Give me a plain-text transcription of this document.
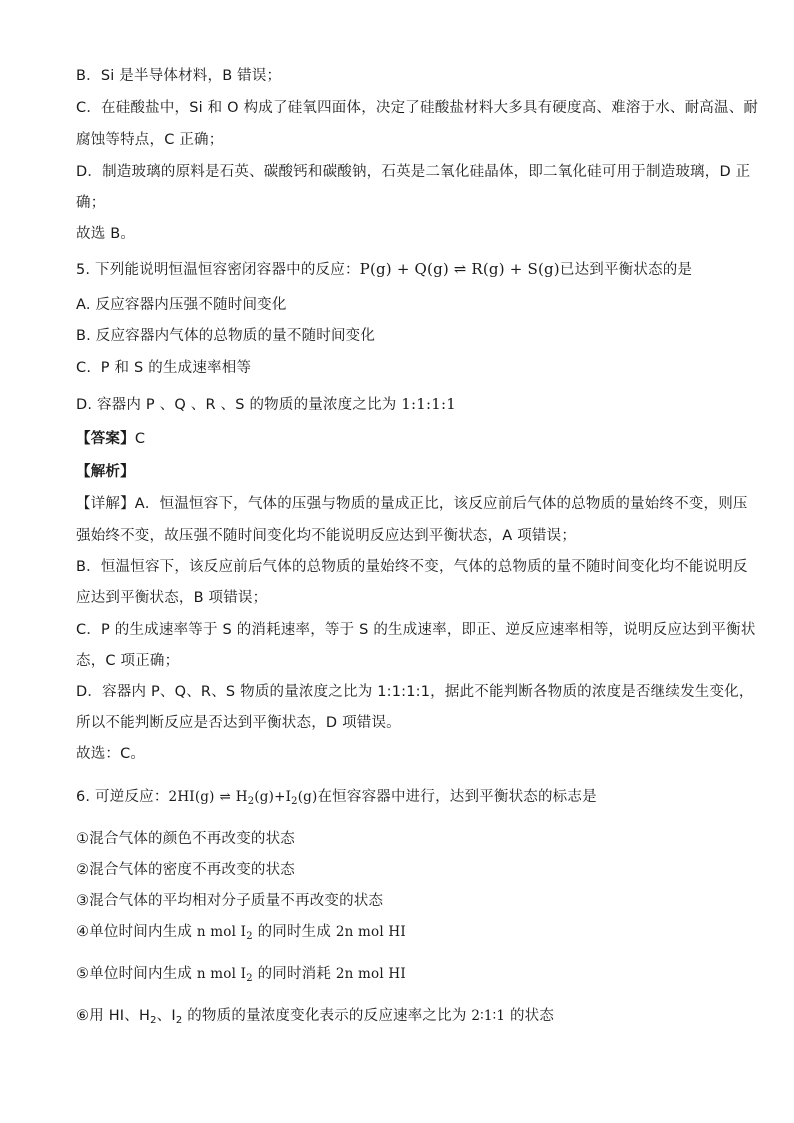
B．Si 是半导体材料，B 错误；
C．在硅酸盐中，Si 和 O 构成了硅氧四面体，决定了硅酸盐材料大多具有硬度高、难溶于水、耐高温、耐
腐蚀等特点，C 正确；
D．制造玻璃的原料是石英、碳酸钙和碳酸钠，石英是二氧化硅晶体，即二氧化硅可用于制造玻璃，D 正
确；
故选 B。
5. 下列能说明恒温恒容密闭容器中的反应：P(g) + Q(g) ⇌ R(g) + S(g)已达到平衡状态的是
A. 反应容器内压强不随时间变化
B. 反应容器内气体的总物质的量不随时间变化
C. P 和 S 的生成速率相等
D. 容器内 P 、Q 、R 、S 的物质的量浓度之比为 1:1:1:1
【答案】C
【解析】
【详解】A．恒温恒容下，气体的压强与物质的量成正比，该反应前后气体的总物质的量始终不变，则压
强始终不变，故压强不随时间变化均不能说明反应达到平衡状态，A 项错误；
B．恒温恒容下，该反应前后气体的总物质的量始终不变，气体的总物质的量不随时间变化均不能说明反
应达到平衡状态，B 项错误；
C．P 的生成速率等于 S 的消耗速率，等于 S 的生成速率，即正、逆反应速率相等，说明反应达到平衡状
态，C 项正确；
D．容器内 P、Q、R、S 物质的量浓度之比为 1:1:1:1，据此不能判断各物质的浓度是否继续发生变化，
所以不能判断反应是否达到平衡状态，D 项错误。
故选：C。
6. 可逆反应：2HI(g) ⇌ $H_2(g)+I_2(g)$在恒容容器中进行，达到平衡状态的标志是
①混合气体的颜色不再改变的状态
②混合气体的密度不再改变的状态
③混合气体的平均相对分子质量不再改变的状态
④单位时间内生成 n mol $I_2$ 的同时生成 2n mol HI
⑤单位时间内生成 n mol $I_2$ 的同时消耗 2n mol HI
⑥用 HI、$H_2$、$I_2$ 的物质的量浓度变化表示的反应速率之比为 2∶1∶1 的状态
